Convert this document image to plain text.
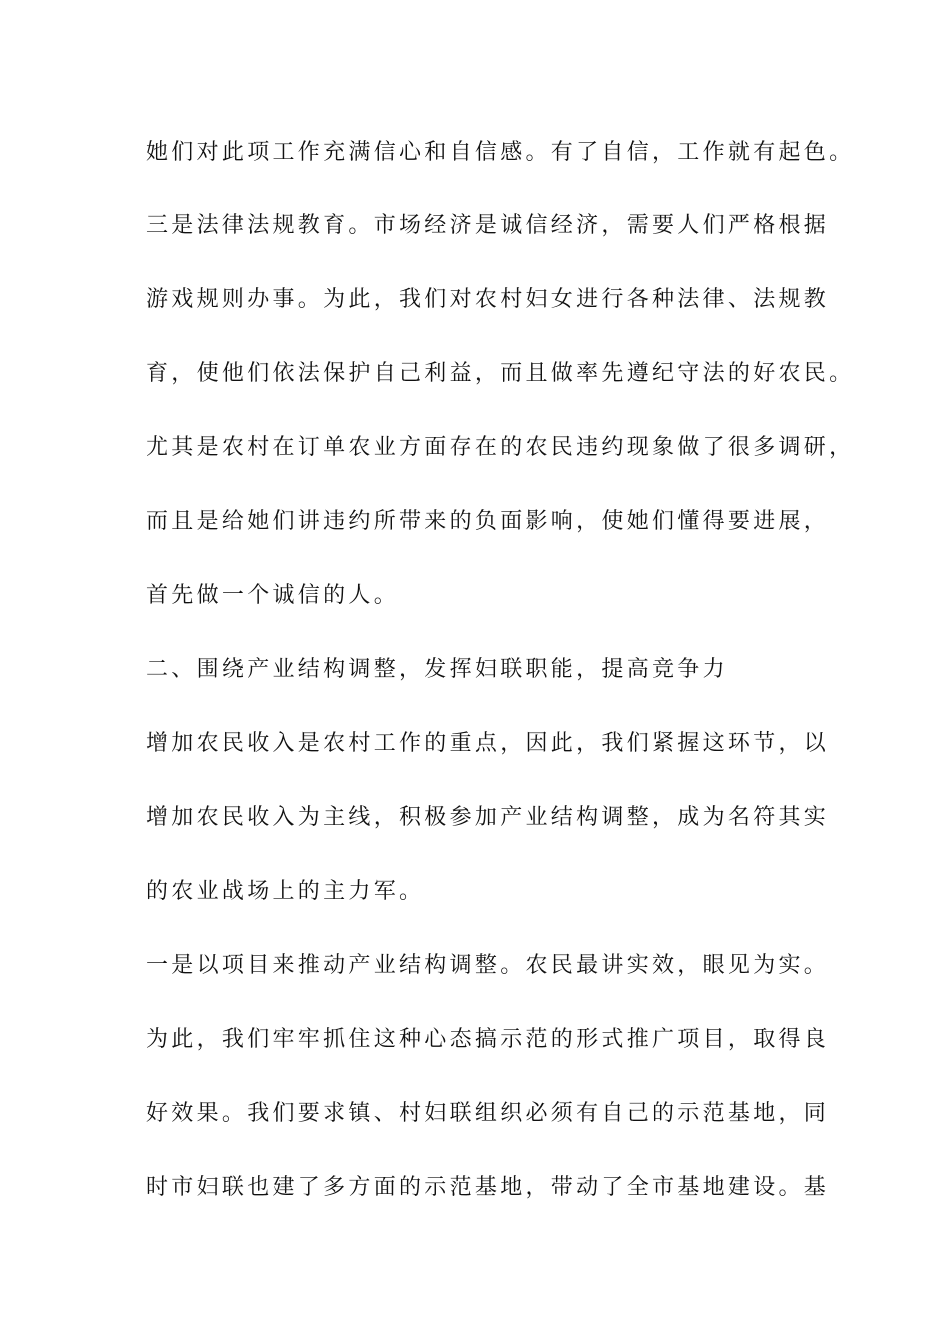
她们对此项工作充满信心和自信感。有了自信，工作就有起色。
三是法律法规教育。市场经济是诚信经济，需要人们严格根据
游戏规则办事。为此，我们对农村妇女进行各种法律、法规教
育，使他们依法保护自己利益，而且做率先遵纪守法的好农民。
尤其是农村在订单农业方面存在的农民违约现象做了很多调研，
而且是给她们讲违约所带来的负面影响，使她们懂得要进展，
首先做一个诚信的人。
二、围绕产业结构调整，发挥妇联职能，提高竞争力
增加农民收入是农村工作的重点，因此，我们紧握这环节，以
增加农民收入为主线，积极参加产业结构调整，成为名符其实
的农业战场上的主力军。
一是以项目来推动产业结构调整。农民最讲实效，眼见为实。
为此，我们牢牢抓住这种心态搞示范的形式推广项目，取得良
好效果。我们要求镇、村妇联组织必须有自己的示范基地，同
时市妇联也建了多方面的示范基地，带动了全市基地建设。基
